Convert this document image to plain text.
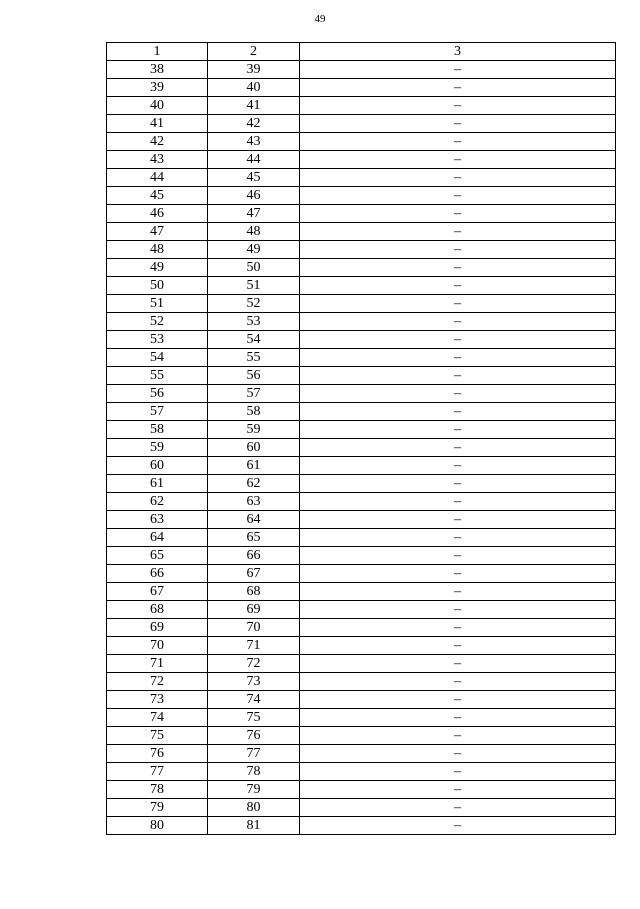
49
1	2	3
38	39	–
39	40	–
40	41	–
41	42	–
42	43	–
43	44	–
44	45	–
45	46	–
46	47	–
47	48	–
48	49	–
49	50	–
50	51	–
51	52	–
52	53	–
53	54	–
54	55	–
55	56	–
56	57	–
57	58	–
58	59	–
59	60	–
60	61	–
61	62	–
62	63	–
63	64	–
64	65	–
65	66	–
66	67	–
67	68	–
68	69	–
69	70	–
70	71	–
71	72	–
72	73	–
73	74	–
74	75	–
75	76	–
76	77	–
77	78	–
78	79	–
79	80	–
80	81	–
